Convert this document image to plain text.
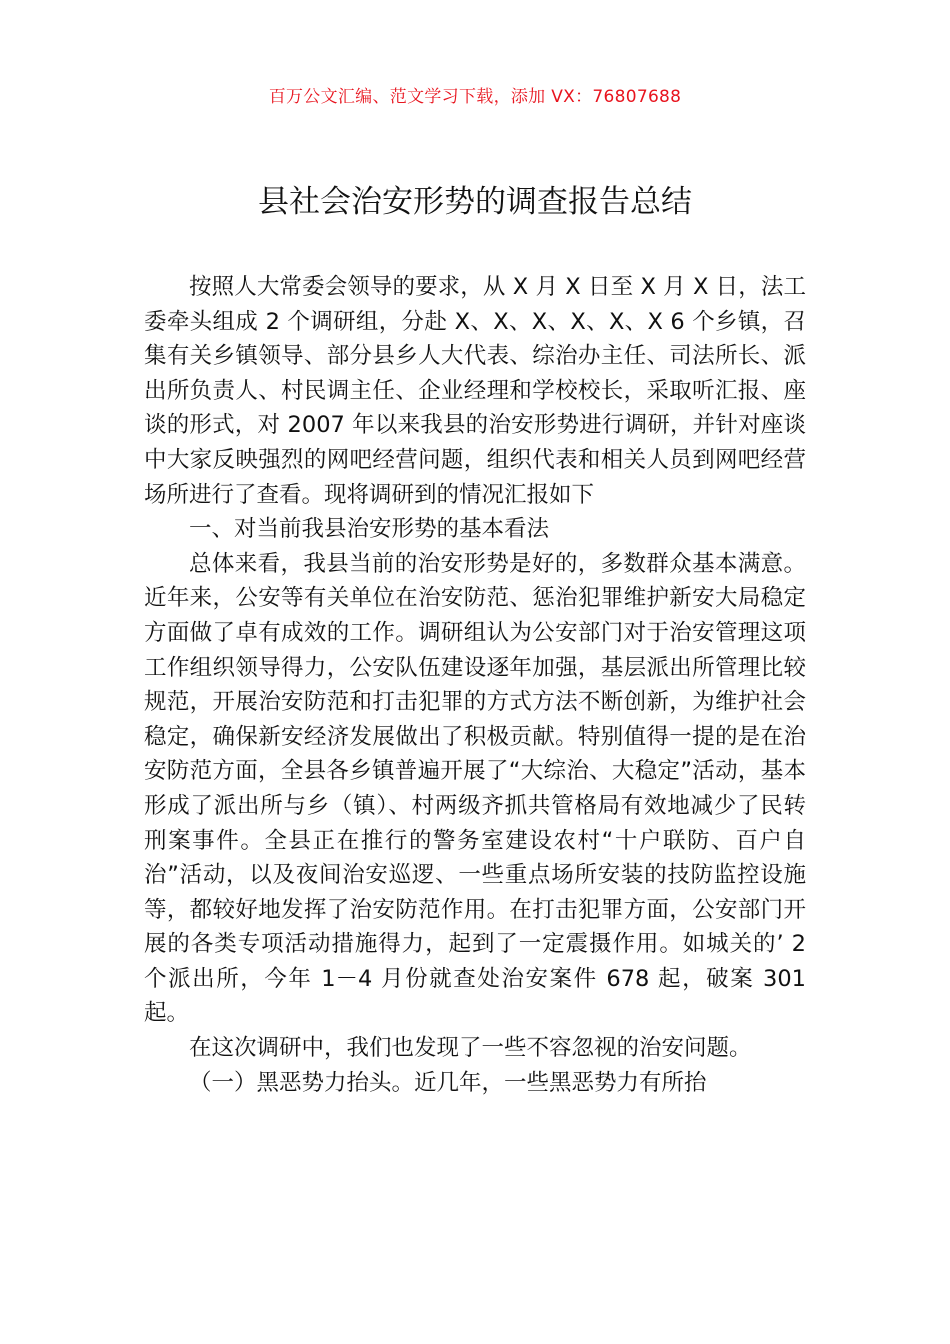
百万公文汇编、范文学习下载，添加 VX：76807688
县社会治安形势的调查报告总结

按照人大常委会领导的要求，从 X 月 X 日至 X 月 X 日，法工委牵头组成 2 个调研组，分赴 X、X、X、X、X、X 6 个乡镇，召集有关乡镇领导、部分县乡人大代表、综治办主任、司法所长、派出所负责人、村民调主任、企业经理和学校校长，采取听汇报、座谈的形式，对 2007 年以来我县的治安形势进行调研，并针对座谈中大家反映强烈的网吧经营问题，组织代表和相关人员到网吧经营场所进行了查看。现将调研到的情况汇报如下

一、对当前我县治安形势的基本看法

总体来看，我县当前的治安形势是好的，多数群众基本满意。近年来，公安等有关单位在治安防范、惩治犯罪维护新安大局稳定方面做了卓有成效的工作。调研组认为公安部门对于治安管理这项工作组织领导得力，公安队伍建设逐年加强，基层派出所管理比较规范，开展治安防范和打击犯罪的方式方法不断创新，为维护社会稳定，确保新安经济发展做出了积极贡献。特别值得一提的是在治安防范方面，全县各乡镇普遍开展了“大综治、大稳定”活动，基本形成了派出所与乡（镇）、村两级齐抓共管格局有效地减少了民转刑案事件。全县正在推行的警务室建设农村“十户联防、百户自治”活动，以及夜间治安巡逻、一些重点场所安装的技防监控设施等，都较好地发挥了治安防范作用。在打击犯罪方面，公安部门开展的各类专项活动措施得力，起到了一定震摄作用。如城关的’ 2 个派出所，今年 1－4 月份就查处治安案件 678 起，破案 301 起。

在这次调研中，我们也发现了一些不容忽视的治安问题。

（一）黑恶势力抬头。近几年，一些黑恶势力有所抬
